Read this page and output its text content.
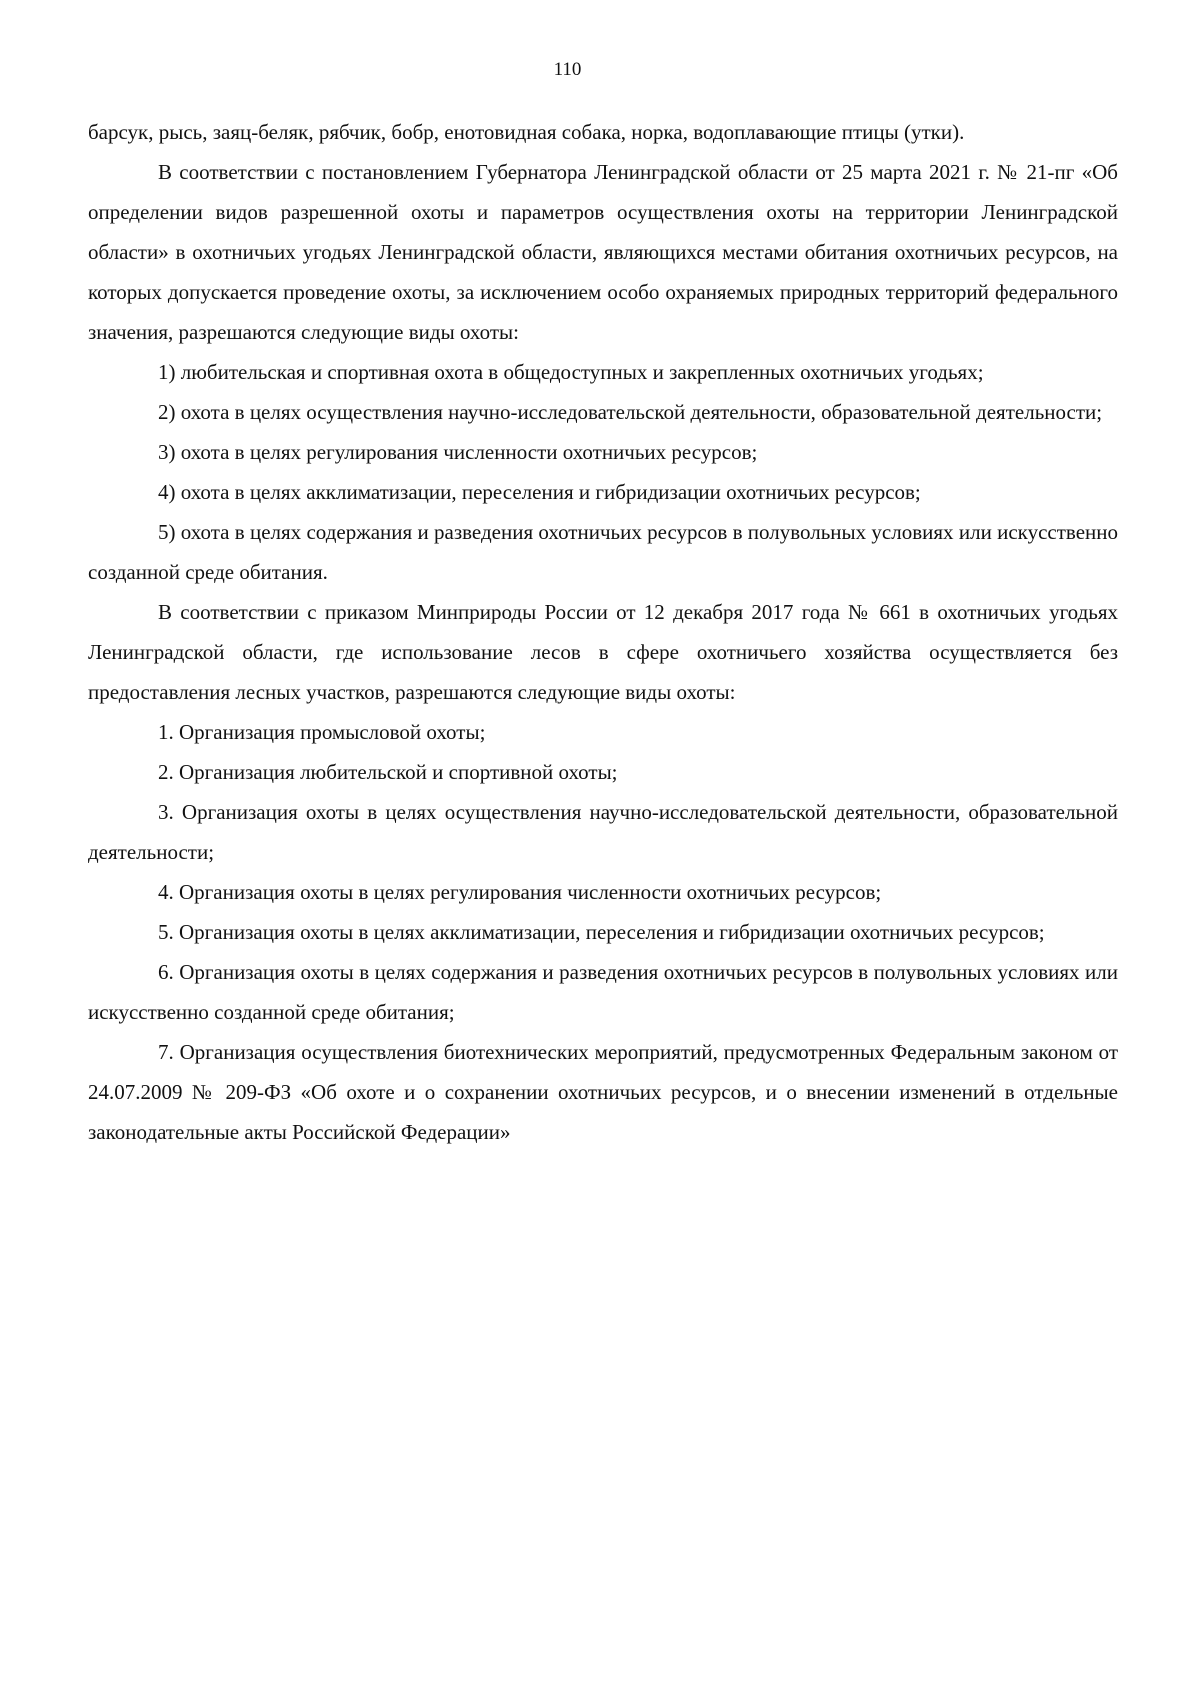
110

барсук, рысь, заяц-беляк, рябчик, бобр, енотовидная собака, норка, водоплавающие птицы (утки).

В соответствии с постановлением Губернатора Ленинградской области от 25 марта 2021 г. № 21-пг «Об определении видов разрешенной охоты и параметров осуществления охоты на территории Ленинградской области» в охотничьих угодьях Ленинградской области, являющихся местами обитания охотничьих ресурсов, на которых допускается проведение охоты, за исключением особо охраняемых природных территорий федерального значения, разрешаются следующие виды охоты:

1) любительская и спортивная охота в общедоступных и закрепленных охотничьих угодьях;

2) охота в целях осуществления научно-исследовательской деятельности, образовательной деятельности;

3) охота в целях регулирования численности охотничьих ресурсов;

4) охота в целях акклиматизации, переселения и гибридизации охотничьих ресурсов;

5) охота в целях содержания и разведения охотничьих ресурсов в полувольных условиях или искусственно созданной среде обитания.

В соответствии с приказом Минприроды России от 12 декабря 2017 года № 661 в охотничьих угодьях Ленинградской области, где использование лесов в сфере охотничьего хозяйства осуществляется без предоставления лесных участков, разрешаются следующие виды охоты:

1. Организация промысловой охоты;

2. Организация любительской и спортивной охоты;

3. Организация охоты в целях осуществления научно-исследовательской деятельности, образовательной деятельности;

4. Организация охоты в целях регулирования численности охотничьих ресурсов;

5. Организация охоты в целях акклиматизации, переселения и гибридизации охотничьих ресурсов;

6. Организация охоты в целях содержания и разведения охотничьих ресурсов в полувольных условиях или искусственно созданной среде обитания;

7. Организация осуществления биотехнических мероприятий, предусмотренных Федеральным законом от 24.07.2009 № 209-ФЗ «Об охоте и о сохранении охотничьих ресурсов, и о внесении изменений в отдельные законодательные акты Российской Федерации»
